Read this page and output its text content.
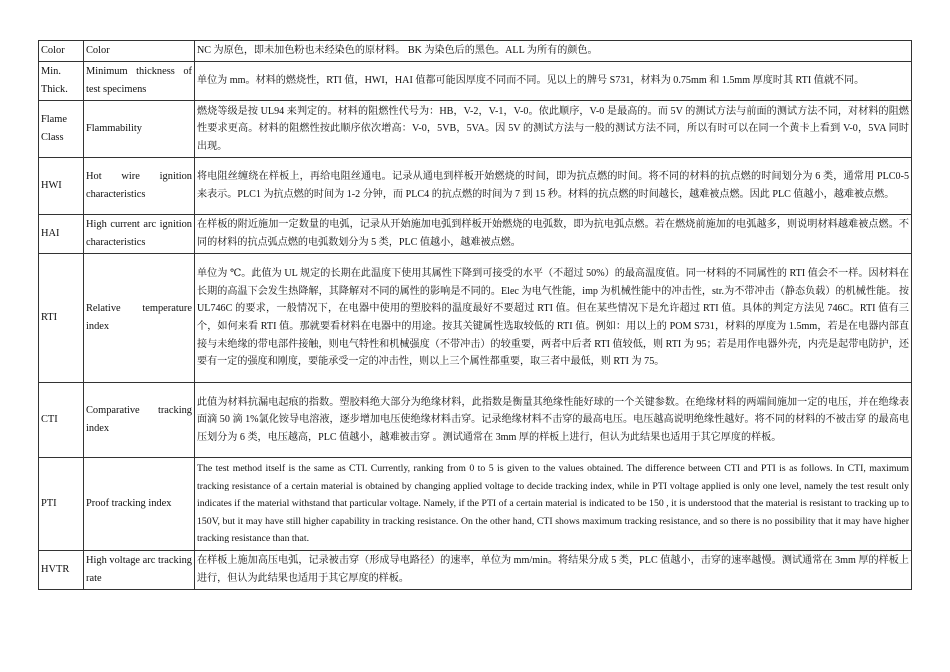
Color	Color	NC 为原色，即未加色粉也未经染色的原材料。 BK 为染色后的黑色。ALL 为所有的颜色。
Min. Thick.	Minimum thickness of test specimens	单位为 mm。材料的燃烧性，RTI 值，HWI，HAI 值都可能因厚度不同而不同。见以上的牌号 S731，材料为 0.75mm 和 1.5mm 厚度时其 RTI 值就不同。
Flame Class	Flammability	燃烧等级是按 UL94 来判定的。材料的阻燃性代号为：HB，V-2，V-1，V-0。依此顺序，V-0 是最高的。而 5V 的测试方法与前面的测试方法不同，对材料的阻燃性要求更高。材料的阻燃性按此顺序依次增高：V-0，5VB，5VA。因 5V 的测试方法与一般的测试方法不同，所以有时可以在同一个黄卡上看到 V-0，5VA 同时出现。
HWI	Hot wire ignition characteristics	将电阻丝缠绕在样板上，再给电阻丝通电。记录从通电到样板开始燃烧的时间，即为抗点燃的时间。将不同的材料的抗点燃的时间划分为 6 类，通常用 PLC0-5 来表示。PLC1 为抗点燃的时间为 1-2 分钟，而 PLC4 的抗点燃的时间为 7 到 15 秒。材料的抗点燃的时间越长，越难被点燃。因此 PLC 值越小，越难被点燃。
HAI	High current arc ignition characteristics	在样板的附近施加一定数量的电弧，记录从开始施加电弧到样板开始燃烧的电弧数，即为抗电弧点燃。若在燃烧前施加的电弧越多，则说明材料越难被点燃。不同的材料的抗点弧点燃的电弧数划分为 5 类，PLC 值越小，越难被点燃。
RTI	Relative temperature index	单位为 ℃。此值为 UL 规定的长期在此温度下使用其属性下降到可接受的水平（不超过 50%）的最高温度值。同一材料的不同属性的 RTI 值会不一样。因材料在长期的高温下会发生热降解，其降解对不同的属性的影响是不同的。Elec 为电气性能，imp 为机械性能中的冲击性，str.为不带冲击（静态负载）的机械性能。 按 UL746C 的要求，一般情况下，在电器中使用的塑胶料的温度最好不要超过 RTI 值。但在某些情况下是允许超过 RTI 值。具体的判定方法见 746C。RTI 值有三个，如何来看 RTI 值。那就要看材料在电器中的用途。按其关键属性选取较低的 RTI 值。例如：用以上的 POM S731，材料的厚度为 1.5mm，若是在电器内部直接与未绝缘的带电部件接触，则电气特性和机械强度（不带冲击）的较重要，两者中后者 RTI 值较低，则 RTI 为 95；若是用作电器外壳，内壳是起带电防护，还要有一定的强度和刚度，要能承受一定的冲击性，则以上三个属性都重要，取三者中最低，则 RTI 为 75。
CTI	Comparative tracking index	此值为材料抗漏电起痕的指数。塑胶料绝大部分为绝缘材料，此指数是衡量其绝缘性能好球的一个关键参数。在绝缘材料的两端间施加一定的电压，并在绝缘表面滴 50 滴 1%氯化铵导电溶液，逐步增加电压使绝缘材料击穿。记录绝缘材料不击穿的最高电压。电压越高说明绝缘性越好。将不同的材料的不被击穿 的最高电压划分为 6 类，电压越高，PLC 值越小，越难被击穿 。测试通常在 3mm 厚的样板上进行，但认为此结果也适用于其它厚度的样板。
PTI	Proof tracking index	The test method itself is the same as CTI. Currently, ranking from 0 to 5 is given to the values obtained. The difference between CTI and PTI is as follows. In CTI, maximum tracking resistance of a certain material is obtained by changing applied voltage to decide tracking index, while in PTI voltage applied is only one level, namely the test result only indicates if the material withstand that particular voltage. Namely, if the PTI of a certain material is indicated to be 150 , it is understood that the material is resistant to tracking up to 150V, but it may have still higher capability in tracking resistance. On the other hand, CTI shows maximum tracking resistance, and so there is no possibility that it may have higher tracking resistance than that.
HVTR	High voltage arc tracking rate	在样板上施加高压电弧，记录被击穿（形成导电路径）的速率，单位为 mm/min。将结果分成 5 类，PLC 值越小，击穿的速率越慢。测试通常在 3mm 厚的样板上进行，但认为此结果也适用于其它厚度的样板。
